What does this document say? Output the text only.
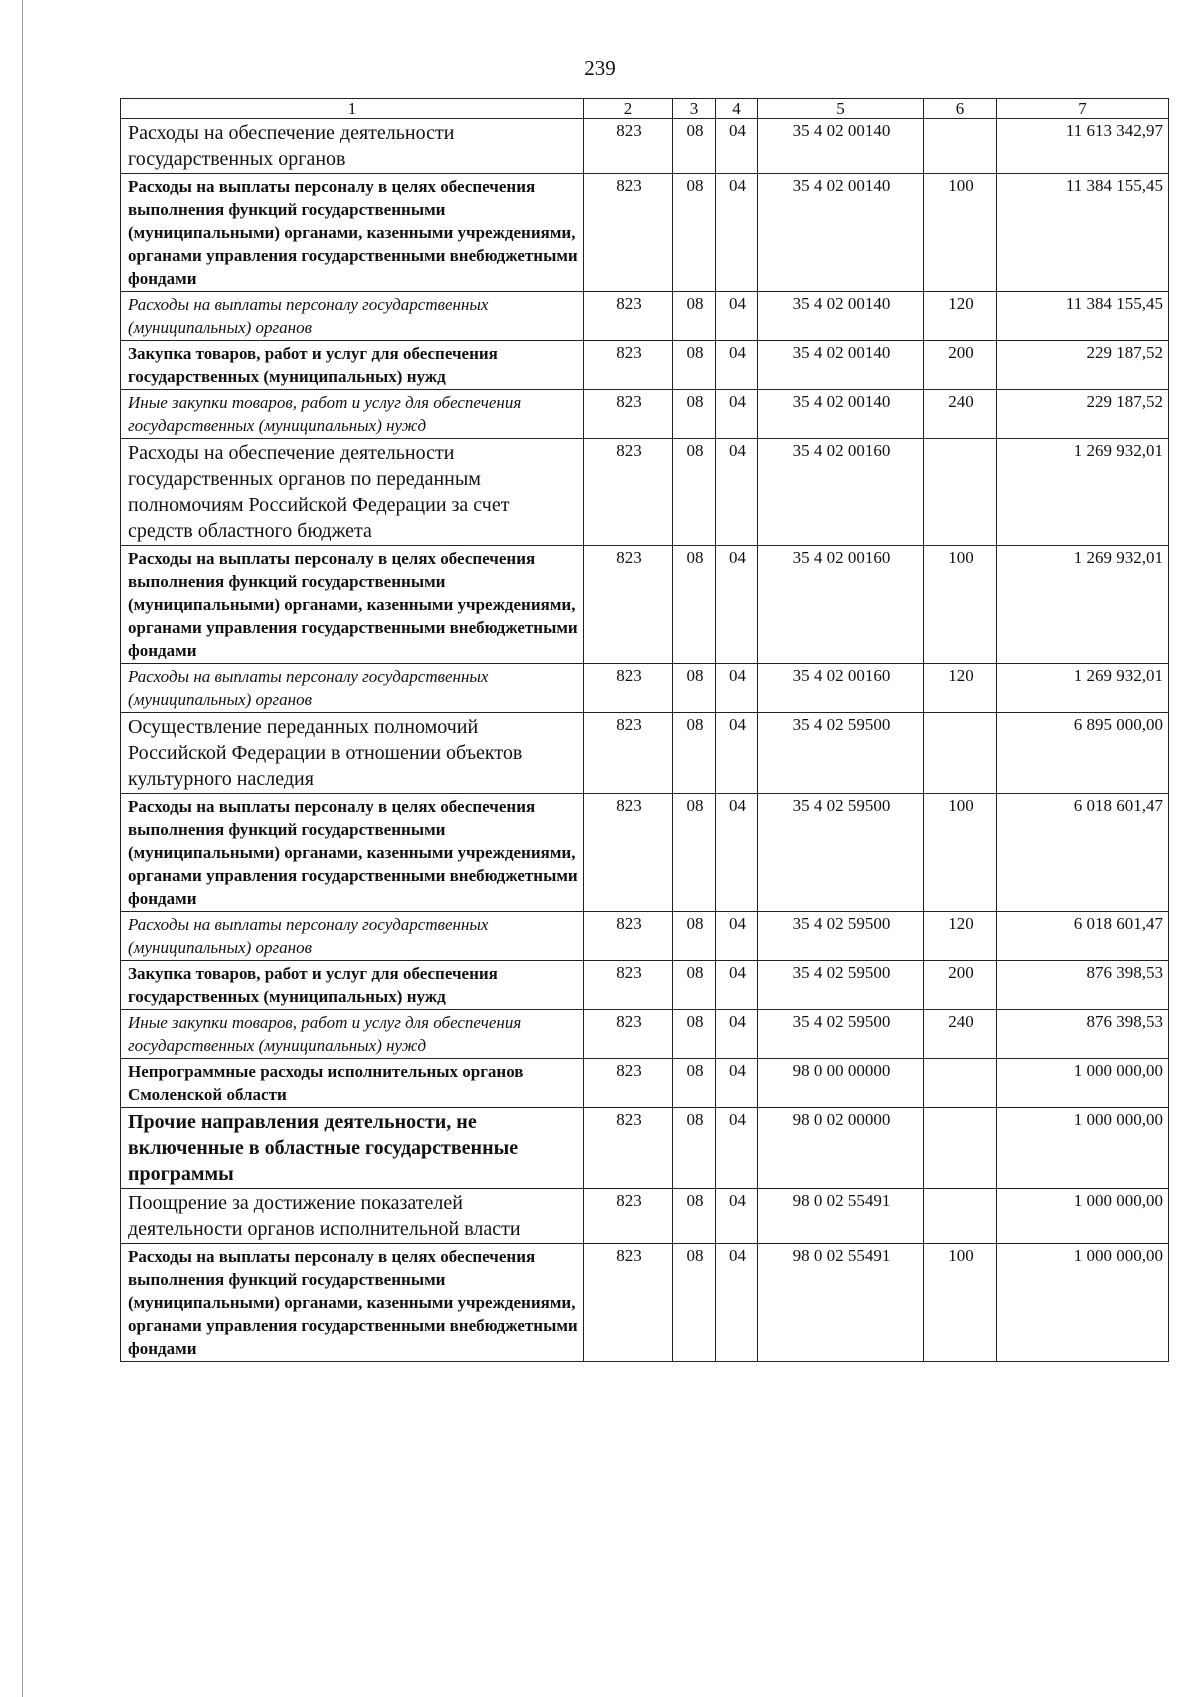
239
1	2	3	4	5	6	7
Расходы на обеспечение деятельности государственных органов	823	08	04	35 4 02 00140		11 613 342,97
Расходы на выплаты персоналу в целях обеспечения выполнения функций государственными (муниципальными) органами, казенными учреждениями, органами управления государственными внебюджетными фондами	823	08	04	35 4 02 00140	100	11 384 155,45
Расходы на выплаты персоналу государственных (муниципальных) органов	823	08	04	35 4 02 00140	120	11 384 155,45
Закупка товаров, работ и услуг для обеспечения государственных (муниципальных) нужд	823	08	04	35 4 02 00140	200	229 187,52
Иные закупки товаров, работ и услуг для обеспечения государственных (муниципальных) нужд	823	08	04	35 4 02 00140	240	229 187,52
Расходы на обеспечение деятельности государственных органов по переданным полномочиям Российской Федерации за счет средств областного бюджета	823	08	04	35 4 02 00160		1 269 932,01
Расходы на выплаты персоналу в целях обеспечения выполнения функций государственными (муниципальными) органами, казенными учреждениями, органами управления государственными внебюджетными фондами	823	08	04	35 4 02 00160	100	1 269 932,01
Расходы на выплаты персоналу государственных (муниципальных) органов	823	08	04	35 4 02 00160	120	1 269 932,01
Осуществление переданных полномочий Российской Федерации в отношении объектов культурного наследия	823	08	04	35 4 02 59500		6 895 000,00
Расходы на выплаты персоналу в целях обеспечения выполнения функций государственными (муниципальными) органами, казенными учреждениями, органами управления государственными внебюджетными фондами	823	08	04	35 4 02 59500	100	6 018 601,47
Расходы на выплаты персоналу государственных (муниципальных) органов	823	08	04	35 4 02 59500	120	6 018 601,47
Закупка товаров, работ и услуг для обеспечения государственных (муниципальных) нужд	823	08	04	35 4 02 59500	200	876 398,53
Иные закупки товаров, работ и услуг для обеспечения государственных (муниципальных) нужд	823	08	04	35 4 02 59500	240	876 398,53
Непрограммные расходы исполнительных органов Смоленской области	823	08	04	98 0 00 00000		1 000 000,00
Прочие направления деятельности, не включенные в областные государственные программы	823	08	04	98 0 02 00000		1 000 000,00
Поощрение за достижение показателей деятельности органов исполнительной власти	823	08	04	98 0 02 55491		1 000 000,00
Расходы на выплаты персоналу в целях обеспечения выполнения функций государственными (муниципальными) органами, казенными учреждениями, органами управления государственными внебюджетными фондами	823	08	04	98 0 02 55491	100	1 000 000,00
